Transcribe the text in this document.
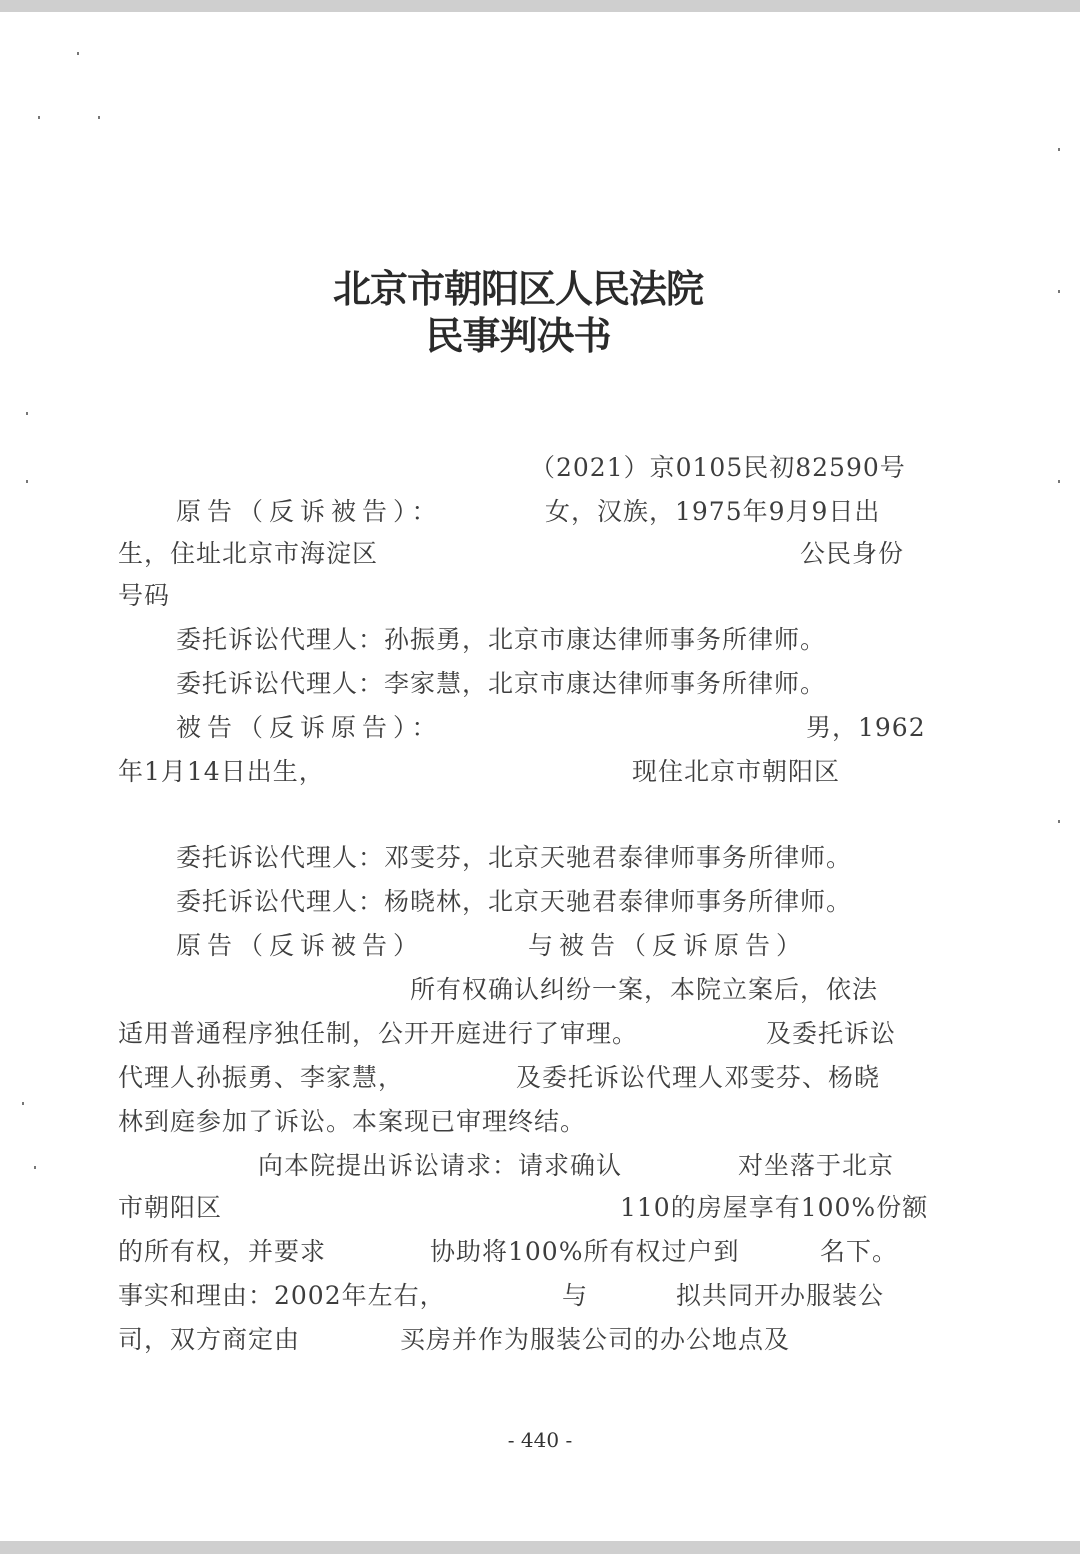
北京市朝阳区人民法院
民事判决书
（2021）京0105民初82590号
原告（反诉被告）：	女，汉族，1975年9月9日出
生，住址北京市海淀区	公民身份
号码
委托诉讼代理人：孙振勇，北京市康达律师事务所律师。
委托诉讼代理人：李家慧，北京市康达律师事务所律师。
被告（反诉原告）：	男，1962
年1月14日出生，	现住北京市朝阳区
委托诉讼代理人：邓雯芬，北京天驰君泰律师事务所律师。
委托诉讼代理人：杨晓林，北京天驰君泰律师事务所律师。
原告（反诉被告）	与被告（反诉原告）
所有权确认纠纷一案，本院立案后，依法
适用普通程序独任制，公开开庭进行了审理。	及委托诉讼
代理人孙振勇、李家慧，	及委托诉讼代理人邓雯芬、杨晓
林到庭参加了诉讼。本案现已审理终结。
向本院提出诉讼请求：请求确认	对坐落于北京
市朝阳区	110的房屋享有100%份额
的所有权，并要求	协助将100%所有权过户到	名下。
事实和理由：2002年左右，	与	拟共同开办服装公
司，双方商定由	买房并作为服装公司的办公地点及
- 440 -
